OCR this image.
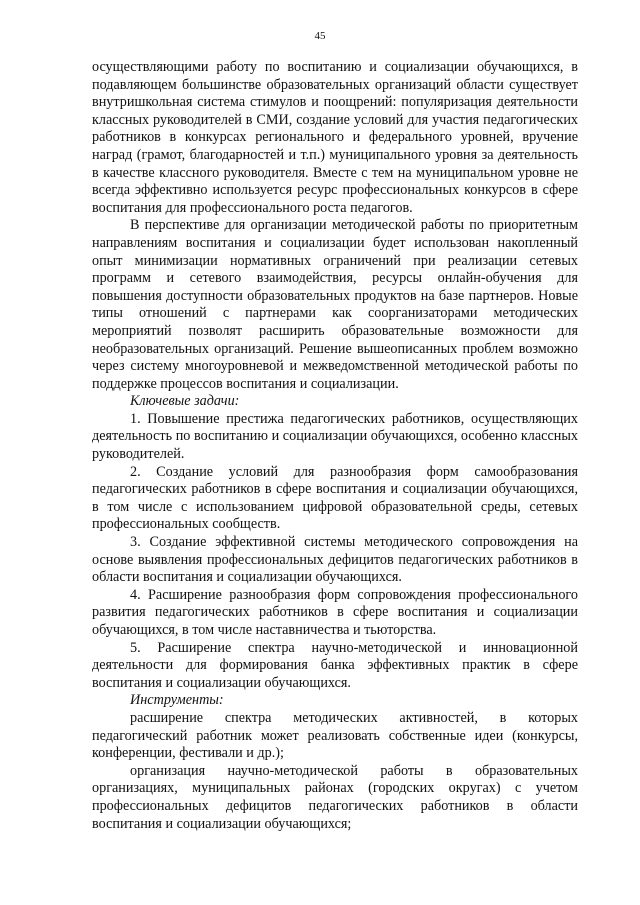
45

осуществляющими работу по воспитанию и социализации обучающихся, в подавляющем большинстве образовательных организаций области существует внутришкольная система стимулов и поощрений: популяризация деятельности классных руководителей в СМИ, создание условий для участия педагогических работников в конкурсах регионального и федерального уровней, вручение наград (грамот, благодарностей и т.п.) муниципального уровня за деятельность в качестве классного руководителя. Вместе с тем на муниципальном уровне не всегда эффективно используется ресурс профессиональных конкурсов в сфере воспитания для профессионального роста педагогов.

В перспективе для организации методической работы по приоритетным направлениям воспитания и социализации будет использован накопленный опыт минимизации нормативных ограничений при реализации сетевых программ и сетевого взаимодействия, ресурсы онлайн-обучения для повышения доступности образовательных продуктов на базе партнеров. Новые типы отношений с партнерами как соорганизаторами методических мероприятий позволят расширить образовательные возможности для необразовательных организаций. Решение вышеописанных проблем возможно через систему многоуровневой и межведомственной методической работы по поддержке процессов воспитания и социализации.

Ключевые задачи:

1. Повышение престижа педагогических работников, осуществляющих деятельность по воспитанию и социализации обучающихся, особенно классных руководителей.

2. Создание условий для разнообразия форм самообразования педагогических работников в сфере воспитания и социализации обучающихся, в том числе с использованием цифровой образовательной среды, сетевых профессиональных сообществ.

3. Создание эффективной системы методического сопровождения на основе выявления профессиональных дефицитов педагогических работников в области воспитания и социализации обучающихся.

4. Расширение разнообразия форм сопровождения профессионального развития педагогических работников в сфере воспитания и социализации обучающихся, в том числе наставничества и тьюторства.

5. Расширение спектра научно-методической и инновационной деятельности для формирования банка эффективных практик в сфере воспитания и социализации обучающихся.

Инструменты:

расширение спектра методических активностей, в которых педагогический работник может реализовать собственные идеи (конкурсы, конференции, фестивали и др.);

организация научно-методической работы в образовательных организациях, муниципальных районах (городских округах) с учетом профессиональных дефицитов педагогических работников в области воспитания и социализации обучающихся;
